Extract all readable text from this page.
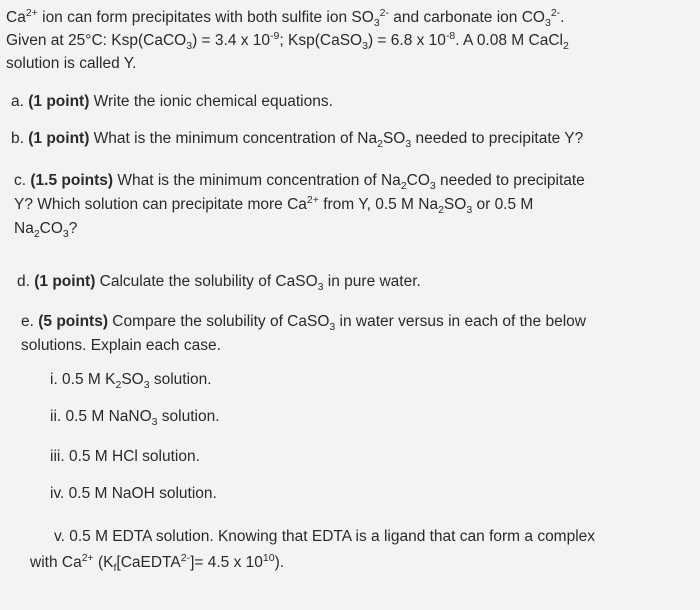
$Ca^{2+}$ ion can form precipitates with both sulfite ion $SO_3^{2-}$ and carbonate ion $CO_3^{2-}$.
Given at 25°C: Ksp(CaCO$_3$) = 3.4 x $10^{-9}$; Ksp(CaSO$_3$) = 6.8 x $10^{-8}$. A 0.08 M CaCl$_2$
solution is called Y.
a. (1 point) Write the ionic chemical equations.
b. (1 point) What is the minimum concentration of $Na_2SO_3$ needed to precipitate Y?
c. (1.5 points) What is the minimum concentration of $Na_2CO_3$ needed to precipitate
Y? Which solution can precipitate more $Ca^{2+}$ from Y, 0.5 M $Na_2SO_3$ or 0.5 M
$Na_2CO_3$?
d. (1 point) Calculate the solubility of CaSO$_3$ in pure water.
e. (5 points) Compare the solubility of CaSO$_3$ in water versus in each of the below
solutions. Explain each case.
i. 0.5 M $K_2SO_3$ solution.
ii. 0.5 M NaNO$_3$ solution.
iii. 0.5 M HCl solution.
iv. 0.5 M NaOH solution.
v. 0.5 M EDTA solution. Knowing that EDTA is a ligand that can form a complex
with $Ca^{2+}$ ($K_f[CaEDTA^{2-}]= 4.5$ x $10^{10}$).
